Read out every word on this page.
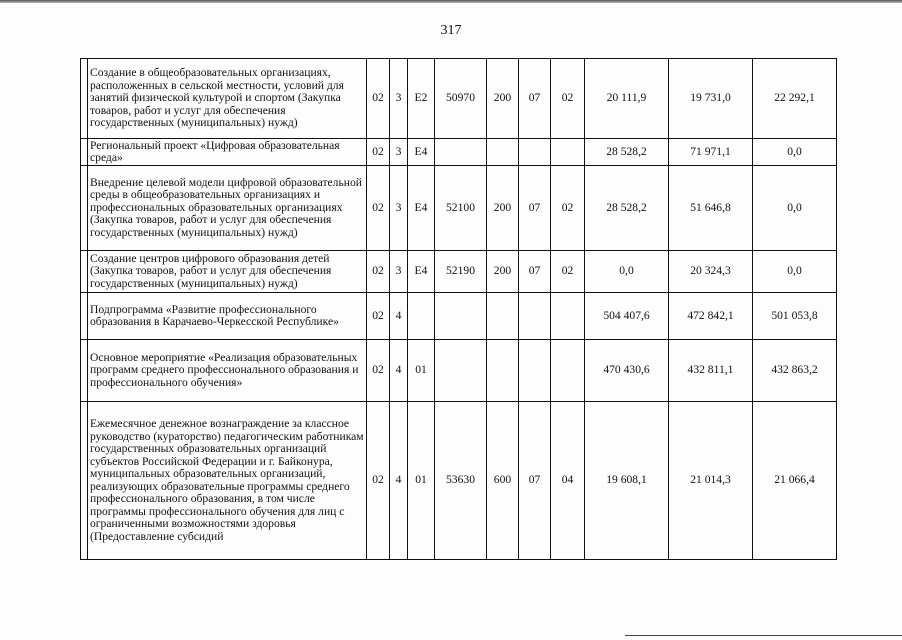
317
	Создание в общеобразовательных организациях, расположенных в сельской местности, условий для занятий физической культурой и спортом (Закупка товаров, работ и услуг для обеспечения государственных (муниципальных) нужд)	02	3	E2	50970	200	07	02	20 111,9	19 731,0	22 292,1
	Региональный проект «Цифровая образовательная среда»	02	3	E4					28 528,2	71 971,1	0,0
	Внедрение целевой модели цифровой образовательной среды в общеобразовательных организациях и профессиональных образовательных организациях (Закупка товаров, работ и услуг для обеспечения государственных (муниципальных) нужд)	02	3	E4	52100	200	07	02	28 528,2	51 646,8	0,0
	Создание центров цифрового образования детей (Закупка товаров, работ и услуг для обеспечения государственных (муниципальных) нужд)	02	3	E4	52190	200	07	02	0,0	20 324,3	0,0
	Подпрограмма «Развитие профессионального образования в Карачаево-Черкесской Республике»	02	4						504 407,6	472 842,1	501 053,8
	Основное мероприятие «Реализация образовательных программ среднего профессионального образования и профессионального обучения»	02	4	01					470 430,6	432 811,1	432 863,2
	Ежемесячное денежное вознаграждение за классное руководство (кураторство) педагогическим работникам государственных образовательных организаций субъектов Российской Федерации и г. Байконура, муниципальных образовательных организаций, реализующих образовательные программы среднего профессионального образования, в том числе программы профессионального обучения для лиц с ограниченными возможностями здоровья (Предоставление субсидий	02	4	01	53630	600	07	04	19 608,1	21 014,3	21 066,4
